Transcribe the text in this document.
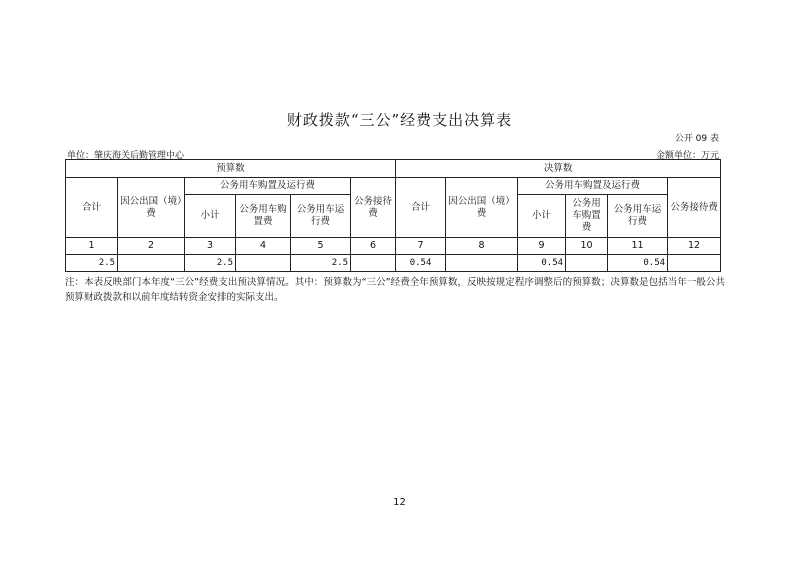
财政拨款“三公”经费支出决算表
公开 09 表
单位：肇庆海关后勤管理中心	金额单位：万元
预算数						决算数					
合计	因公出国（境）费	公务用车购置及运行费			公务接待费	合计	因公出国（境）费	公务用车购置及运行费			公务接待费
		小计	公务用车购置费	公务用车运行费				小计	公务用车购置费	公务用车运行费	
1	2	3	4	5	6	7	8	9	10	11	12
2.5		2.5		2.5		0.54		0.54		0.54	
注：本表反映部门本年度“三公”经费支出预决算情况。其中：预算数为“三公”经费全年预算数，反映按规定程序调整后的预算数；决算数是包括当年一般公共预算财政拨款和以前年度结转资金安排的实际支出。
12
